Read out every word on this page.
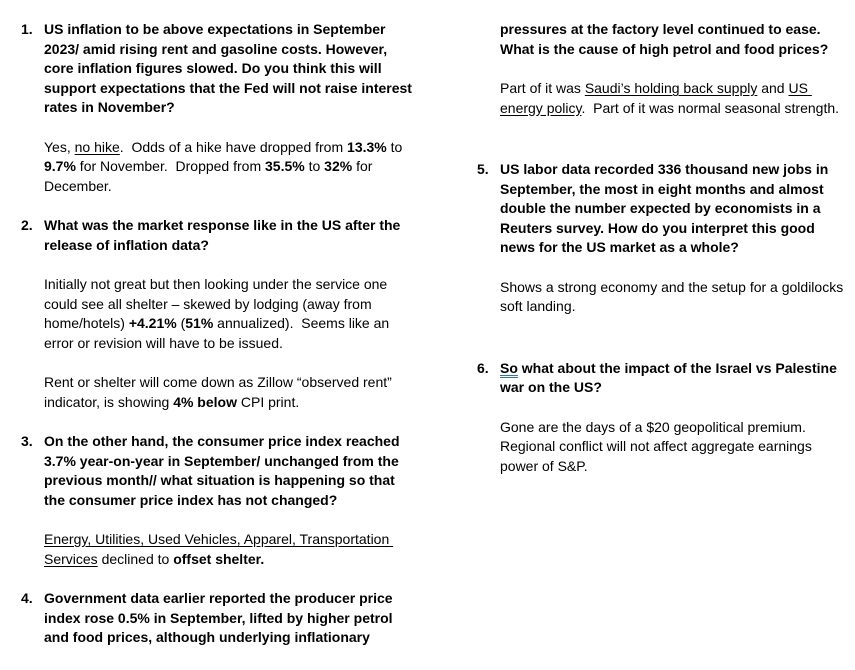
1. US inflation to be above expectations in September 2023/ amid rising rent and gasoline costs. However, core inflation figures slowed. Do you think this will support expectations that the Fed will not raise interest rates in November?

Yes, no hike.  Odds of a hike have dropped from 13.3% to 9.7% for November.  Dropped from 35.5% to 32% for December.

2. What was the market response like in the US after the release of inflation data?

Initially not great but then looking under the service one could see all shelter – skewed by lodging (away from home/hotels) +4.21% (51% annualized).  Seems like an error or revision will have to be issued.

Rent or shelter will come down as Zillow “observed rent” indicator, is showing 4% below CPI print.

3. On the other hand, the consumer price index reached 3.7% year-on-year in September/ unchanged from the previous month// what situation is happening so that the consumer price index has not changed?

Energy, Utilities, Used Vehicles, Apparel, Transportation Services declined to offset shelter.

4. Government data earlier reported the producer price index rose 0.5% in September, lifted by higher petrol and food prices, although underlying inflationary

pressures at the factory level continued to ease. What is the cause of high petrol and food prices?

Part of it was Saudi’s holding back supply and US energy policy.  Part of it was normal seasonal strength.

5. US labor data recorded 336 thousand new jobs in September, the most in eight months and almost double the number expected by economists in a Reuters survey. How do you interpret this good news for the US market as a whole?

Shows a strong economy and the setup for a goldilocks soft landing.

6. So what about the impact of the Israel vs Palestine war on the US?

Gone are the days of a $20 geopolitical premium. Regional conflict will not affect aggregate earnings power of S&P.
